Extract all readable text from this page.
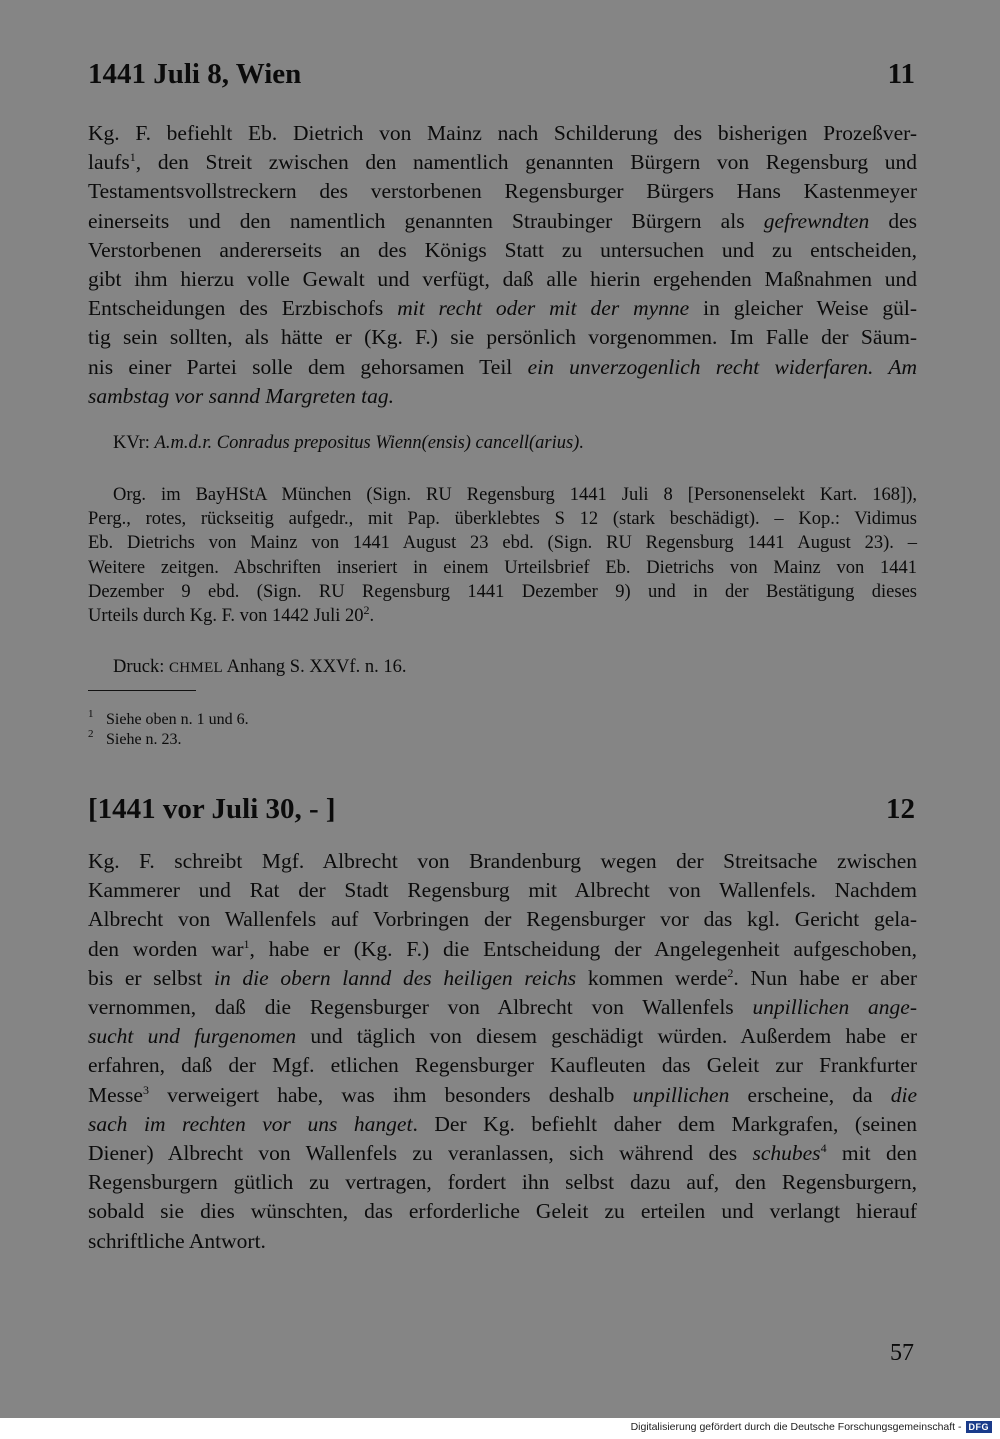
1441 Juli 8, Wien	11
Kg. F. befiehlt Eb. Dietrich von Mainz nach Schilderung des bisherigen Prozeßver-
laufs$^1$, den Streit zwischen den namentlich genannten Bürgern von Regensburg und
Testamentsvollstreckern des verstorbenen Regensburger Bürgers Hans Kastenmeyer
einerseits und den namentlich genannten Straubinger Bürgern als gefrewndten des
Verstorbenen andererseits an des Königs Statt zu untersuchen und zu entscheiden,
gibt ihm hierzu volle Gewalt und verfügt, daß alle hierin ergehenden Maßnahmen und
Entscheidungen des Erzbischofs mit recht oder mit der mynne in gleicher Weise gül-
tig sein sollten, als hätte er (Kg. F.) sie persönlich vorgenommen. Im Falle der Säum-
nis einer Partei solle dem gehorsamen Teil ein unverzogenlich recht widerfaren. Am
sambstag vor sannd Margreten tag.

KVr: A.m.d.r. Conradus prepositus Wienn(ensis) cancell(arius).

Org. im BayHStA München (Sign. RU Regensburg 1441 Juli 8 [Personenselekt Kart. 168]),
Perg., rotes, rückseitig aufgedr., mit Pap. überklebtes S 12 (stark beschädigt). – Kop.: Vidimus
Eb. Dietrichs von Mainz von 1441 August 23 ebd. (Sign. RU Regensburg 1441 August 23). –
Weitere zeitgen. Abschriften inseriert in einem Urteilsbrief Eb. Dietrichs von Mainz von 1441
Dezember 9 ebd. (Sign. RU Regensburg 1441 Dezember 9) und in der Bestätigung dieses
Urteils durch Kg. F. von 1442 Juli $20^2$.

Druck: CHMEL Anhang S. XXVf. n. 16.

1 Siehe oben n. 1 und 6.
2 Siehe n. 23.
[1441 vor Juli 30, - ]	12
Kg. F. schreibt Mgf. Albrecht von Brandenburg wegen der Streitsache zwischen
Kammerer und Rat der Stadt Regensburg mit Albrecht von Wallenfels. Nachdem
Albrecht von Wallenfels auf Vorbringen der Regensburger vor das kgl. Gericht gela-
den worden war$^1$, habe er (Kg. F.) die Entscheidung der Angelegenheit aufgeschoben,
bis er selbst in die obern lannd des heiligen reichs kommen werde$^2$. Nun habe er aber
vernommen, daß die Regensburger von Albrecht von Wallenfels unpillichen ange-
sucht und furgenomen und täglich von diesem geschädigt würden. Außerdem habe er
erfahren, daß der Mgf. etlichen Regensburger Kaufleuten das Geleit zur Frankfurter
Messe$^3$ verweigert habe, was ihm besonders deshalb unpillichen erscheine, da die
sach im rechten vor uns hanget. Der Kg. befiehlt daher dem Markgrafen, (seinen
Diener) Albrecht von Wallenfels zu veranlassen, sich während des schubes$^4$ mit den
Regensburgern gütlich zu vertragen, fordert ihn selbst dazu auf, den Regensburgern,
sobald sie dies wünschten, das erforderliche Geleit zu erteilen und verlangt hierauf
schriftliche Antwort.
57
Digitalisierung gefördert durch die Deutsche Forschungsgemeinschaft - DFG
